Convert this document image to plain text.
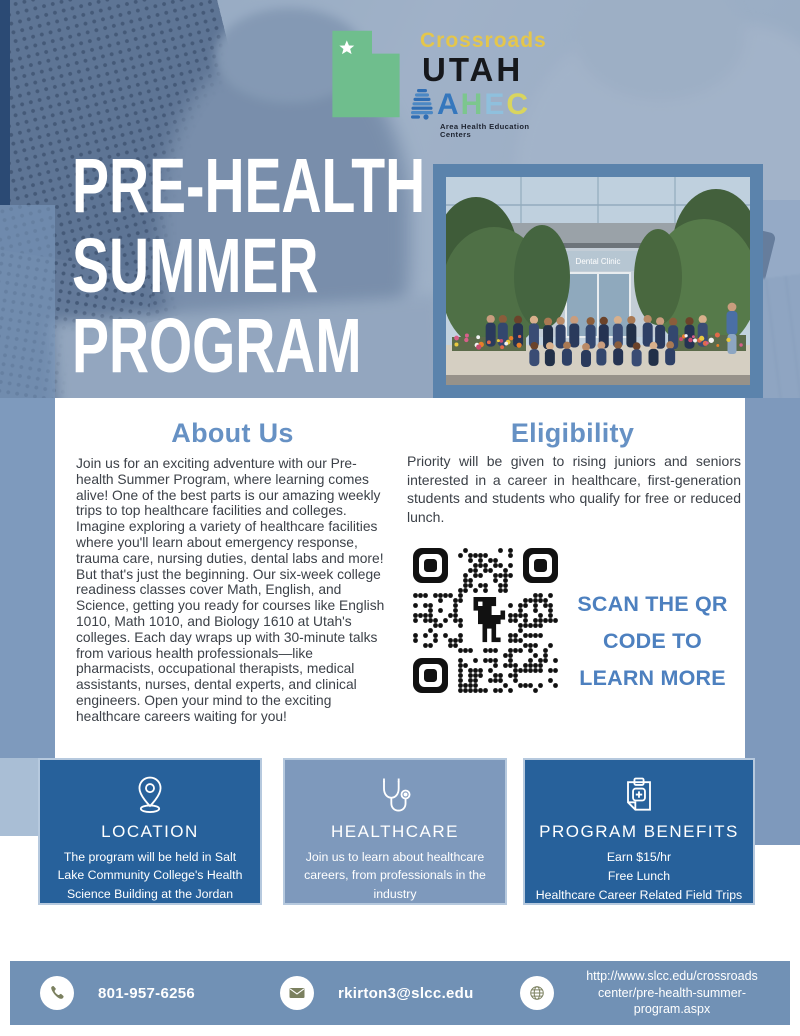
Crossroads
UTAH
AHEC
Area Health Education Centers
PRE-HEALTH
SUMMER
PROGRAM
Dental Clinic
About Us
Join us for an exciting adventure with our Pre-health Summer Program, where learning comes alive! One of the best parts is our amazing weekly trips to top healthcare facilities and colleges. Imagine exploring a variety of healthcare facilities where you'll learn about emergency response, trauma care, nursing duties, dental labs and more! But that's just the beginning. Our six-week college readiness classes cover Math, English, and Science, getting you ready for courses like English 1010, Math 1010, and Biology 1610 at Utah's colleges. Each day wraps up with 30-minute talks from various health professionals—like pharmacists, occupational therapists, medical assistants, nurses, dental experts, and clinical engineers. Open your mind to the exciting healthcare careers waiting for you!
Eligibility
Priority will be given to rising juniors and seniors interested in a career in healthcare, first-generation students and students who qualify for free or reduced lunch.
SCAN THE QR
CODE TO
LEARN MORE
LOCATION
The program will be held in Salt Lake Community College's Health Science Building at the Jordan Campus
HEALTHCARE
Join us to learn about healthcare careers, from professionals in the industry
PROGRAM BENEFITS
Earn $15/hr
Free Lunch
Healthcare Career Related Field Trips
College Course Preparation
801-957-6256	rkirton3@slcc.edu
http://www.slcc.edu/crossroads
center/pre-health-summer-
program.aspx
